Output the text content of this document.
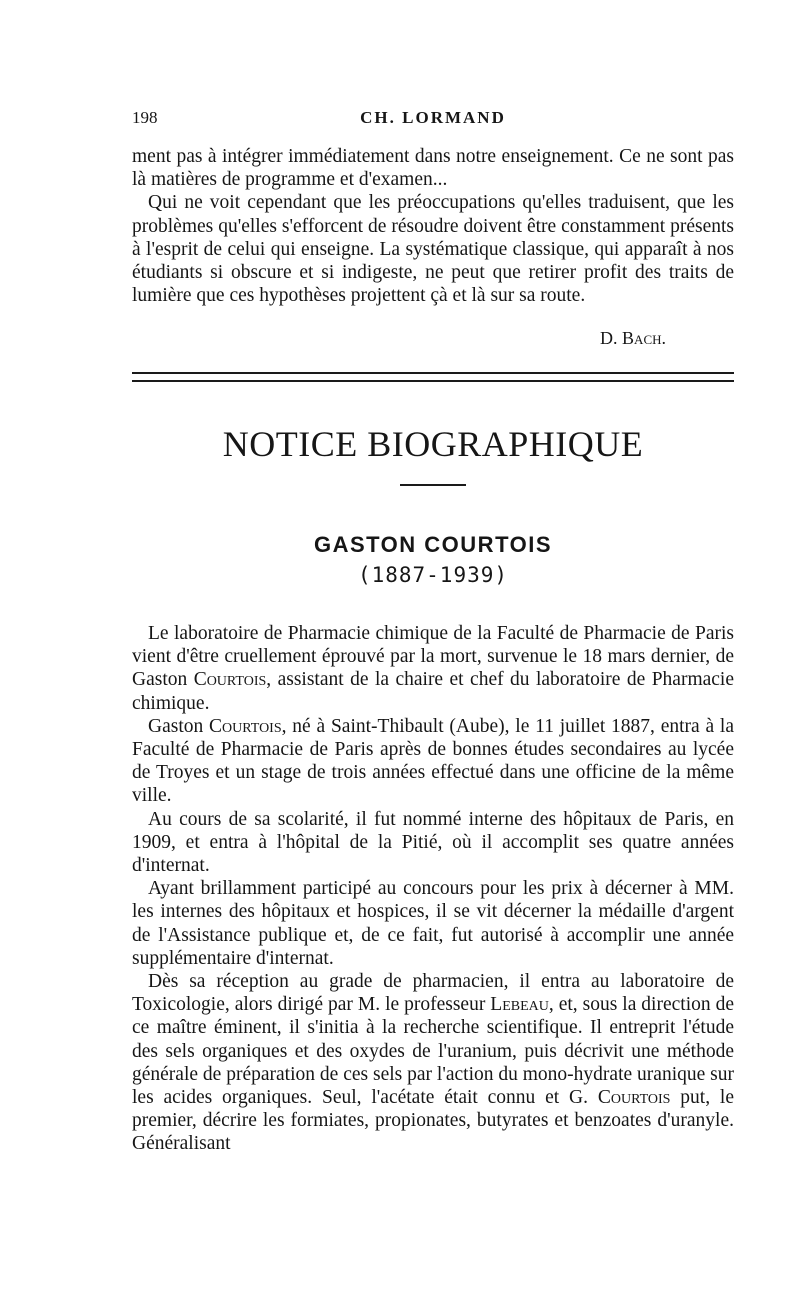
198	CH. LORMAND

ment pas à intégrer immédiatement dans notre enseignement. Ce ne sont pas là matières de programme et d'examen...

Qui ne voit cependant que les préoccupations qu'elles traduisent, que les problèmes qu'elles s'efforcent de résoudre doivent être constamment présents à l'esprit de celui qui enseigne. La systématique classique, qui apparaît à nos étudiants si obscure et si indigeste, ne peut que retirer profit des traits de lumière que ces hypothèses projettent çà et là sur sa route.

D. Bach.
NOTICE BIOGRAPHIQUE
GASTON COURTOIS
(1887-1939)

Le laboratoire de Pharmacie chimique de la Faculté de Pharmacie de Paris vient d'être cruellement éprouvé par la mort, survenue le 18 mars dernier, de Gaston Courtois, assistant de la chaire et chef du laboratoire de Pharmacie chimique.

Gaston Courtois, né à Saint-Thibault (Aube), le 11 juillet 1887, entra à la Faculté de Pharmacie de Paris après de bonnes études secondaires au lycée de Troyes et un stage de trois années effectué dans une officine de la même ville.

Au cours de sa scolarité, il fut nommé interne des hôpitaux de Paris, en 1909, et entra à l'hôpital de la Pitié, où il accomplit ses quatre années d'internat.

Ayant brillamment participé au concours pour les prix à décerner à MM. les internes des hôpitaux et hospices, il se vit décerner la médaille d'argent de l'Assistance publique et, de ce fait, fut autorisé à accomplir une année supplémentaire d'internat.

Dès sa réception au grade de pharmacien, il entra au laboratoire de Toxicologie, alors dirigé par M. le professeur Lebeau, et, sous la direction de ce maître éminent, il s'initia à la recherche scientifique. Il entreprit l'étude des sels organiques et des oxydes de l'uranium, puis décrivit une méthode générale de préparation de ces sels par l'action du mono-hydrate uranique sur les acides organiques. Seul, l'acétate était connu et G. Courtois put, le premier, décrire les formiates, propionates, butyrates et benzoates d'uranyle. Généralisant
